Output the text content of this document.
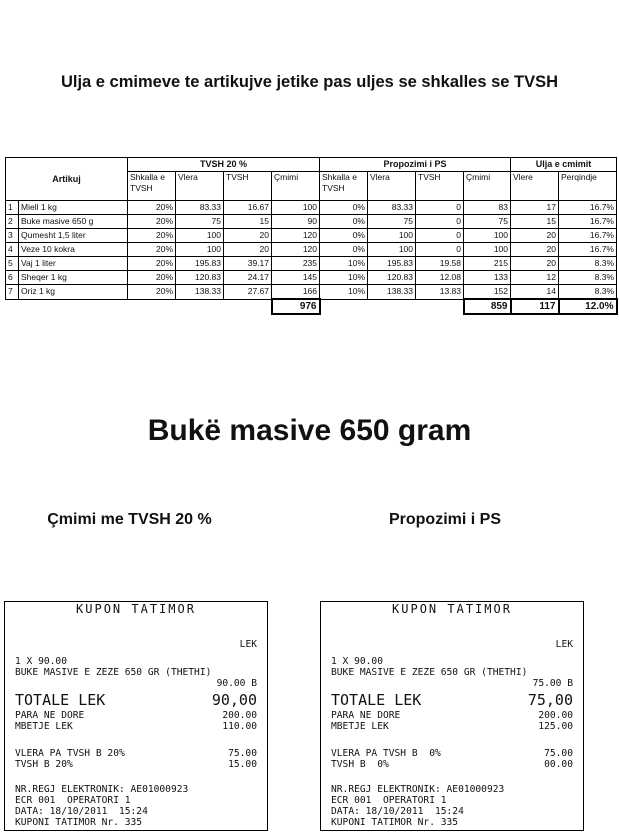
Ulja e cmimeve te artikujve jetike pas uljes se shkalles se TVSH
Artikuj		TVSH 20 %				Propozimi i PS				Ulja e cmimit	
		Shkalla e TVSH	Vlera	TVSH	Çmimi	Shkalla e TVSH	Vlera	TVSH	Çmimi	Vlere	Perqindje
1	Miell 1 kg	20%	83.33	16.67	100	0%	83.33	0	83	17	16.7%
2	Buke masive 650 g	20%	75	15	90	0%	75	0	75	15	16.7%
3	Qumesht 1,5 liter	20%	100	20	120	0%	100	0	100	20	16.7%
4	Veze 10 kokra	20%	100	20	120	0%	100	0	100	20	16.7%
5	Vaj 1 liter	20%	195.83	39.17	235	10%	195.83	19.58	215	20	8.3%
6	Sheqer 1 kg	20%	120.83	24.17	145	10%	120.83	12.08	133	12	8.3%
7	Oriz 1 kg	20%	138.33	27.67	166	10%	138.33	13.83	152	14	8.3%
					976				859	117	12.0%
Bukë masive 650 gram
Çmimi me TVSH 20 %	Propozimi i PS
KUPON TATIMOR
LEK
1 X 90.00
BUKE MASIVE E ZEZE 650 GR (THETHI)
90.00 B
TOTALE LEK	90,00
PARA NE DORE	200.00
MBETJE LEK	110.00
VLERA PA TVSH B 20%	75.00
TVSH B 20%	15.00
NR.REGJ ELEKTRONIK: AE01000923
ECR 001  OPERATORI 1
DATA: 18/10/2011  15:24
KUPONI TATIMOR Nr. 335
KUPON TATIMOR
LEK
1 X 90.00
BUKE MASIVE E ZEZE 650 GR (THETHI)
75.00 B
TOTALE LEK	75,00
PARA NE DORE	200.00
MBETJE LEK	125.00
VLERA PA TVSH B  0%	75.00
TVSH B  0%	00.00
NR.REGJ ELEKTRONIK: AE01000923
ECR 001  OPERATORI 1
DATA: 18/10/2011  15:24
KUPONI TATIMOR Nr. 335
